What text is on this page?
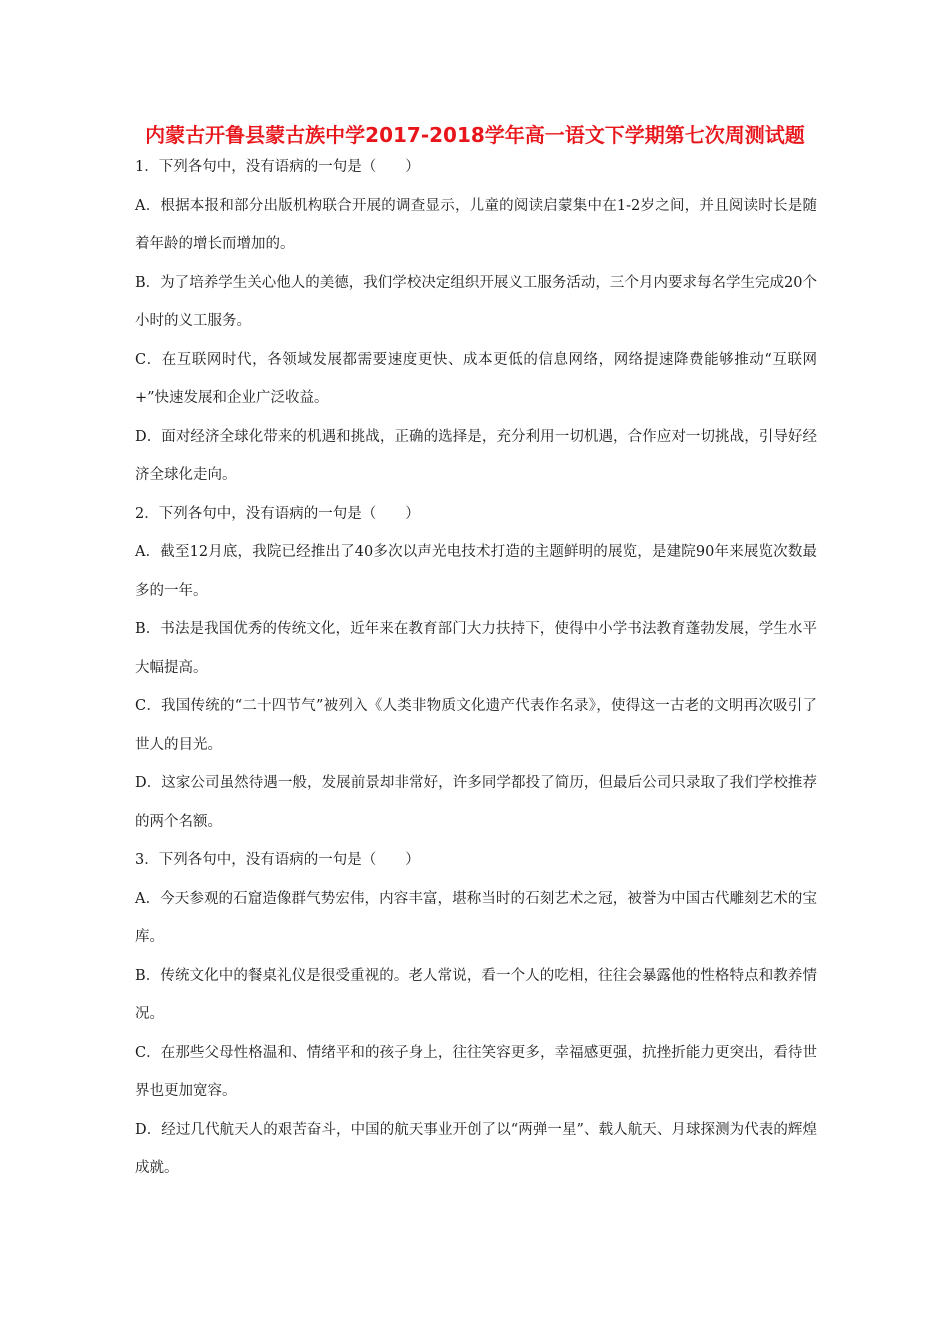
内蒙古开鲁县蒙古族中学2017-2018学年高一语文下学期第七次周测试题

1．下列各句中，没有语病的一句是（　　）

A．根据本报和部分出版机构联合开展的调查显示，儿童的阅读启蒙集中在1-2岁之间，并且阅读时长是随着年龄的增长而增加的。

B．为了培养学生关心他人的美德，我们学校决定组织开展义工服务活动，三个月内要求每名学生完成20个小时的义工服务。

C．在互联网时代，各领域发展都需要速度更快、成本更低的信息网络，网络提速降费能够推动“互联网+”快速发展和企业广泛收益。

D．面对经济全球化带来的机遇和挑战，正确的选择是，充分利用一切机遇，合作应对一切挑战，引导好经济全球化走向。

2．下列各句中，没有语病的一句是（　　）

A．截至12月底，我院已经推出了40多次以声光电技术打造的主题鲜明的展览，是建院90年来展览次数最多的一年。

B．书法是我国优秀的传统文化，近年来在教育部门大力扶持下，使得中小学书法教育蓬勃发展，学生水平大幅提高。

C．我国传统的“二十四节气”被列入《人类非物质文化遗产代表作名录》，使得这一古老的文明再次吸引了世人的目光。

D．这家公司虽然待遇一般，发展前景却非常好，许多同学都投了简历，但最后公司只录取了我们学校推荐的两个名额。

3．下列各句中，没有语病的一句是（　　）

A．今天参观的石窟造像群气势宏伟，内容丰富，堪称当时的石刻艺术之冠，被誉为中国古代雕刻艺术的宝库。

B．传统文化中的餐桌礼仪是很受重视的。老人常说，看一个人的吃相，往往会暴露他的性格特点和教养情况。

C．在那些父母性格温和、情绪平和的孩子身上，往往笑容更多，幸福感更强，抗挫折能力更突出，看待世界也更加宽容。

D．经过几代航天人的艰苦奋斗，中国的航天事业开创了以“两弹一星”、载人航天、月球探测为代表的辉煌成就。
